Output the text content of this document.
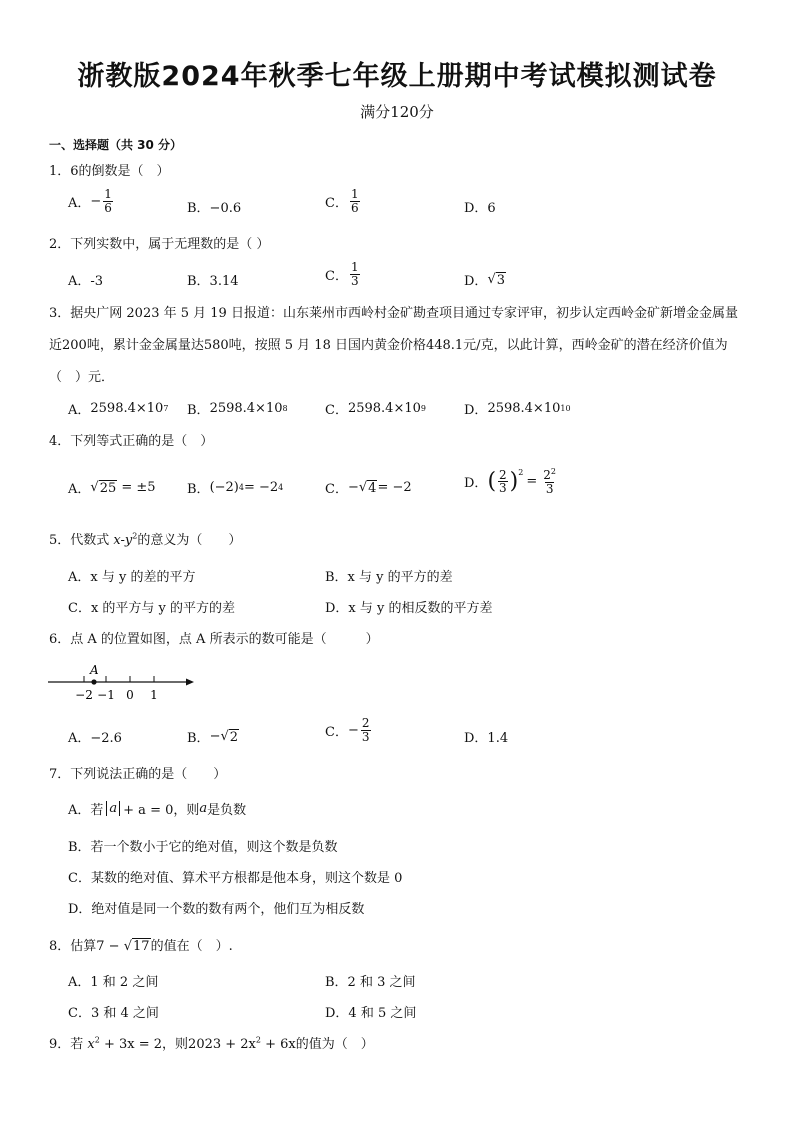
浙教版2024年秋季七年级上册期中考试模拟测试卷
满分120分
一、选择题（共 30 分）
1．6的倒数是（　）
A． − $\frac{1}{6}$	B．−0.6	C． $\frac{1}{6}$	D．6
2．下列实数中，属于无理数的是（ ）
A．-3	B．3.14	C． $\frac{1}{3}$	D． √ 3
3．据央广网 2023 年 5 月 19 日报道：山东莱州市西岭村金矿勘查项目通过专家评审，初步认定西岭金矿新增金金属量近200吨，累计金金属量达580吨，按照 5 月 18 日国内黄金价格448.1元/克，以此计算，西岭金矿的潜在经济价值为（　）元．
A． 2598.4×10 7 B． 2598.4×10 8	C． 2598.4×10 9	D． 2598.4×10 10
4．下列等式正确的是（　）
A． √ 25
= ±5 B． (−2) 4 = −2 4	C． − √ 4 = −2	D． ( $\frac{2}{3} )^2$
= $\frac{2^2}{3}$
5．代数式 $x-y^2$的意义为（　　）
A．x 与 y 的差的平方	B．x 与 y 的平方的差
C．x 的平方与 y 的平方的差	D．x 与 y 的相反数的平方差
6．点 A 的位置如图，点 A 所表示的数可能是（　　　）
A
−2 −1 0 1
A．−2.6	B． − √ 2	C． − $\frac{2}{3}$	D．1.4
7．下列说法正确的是（　　）
A．若 a + a = 0，则 a 是负数
B．若一个数小于它的绝对值，则这个数是负数
C．某数的绝对值、算术平方根都是他本身，则这个数是 0
D．绝对值是同一个数的数有两个，他们互为相反数
8．估算7 − √17的值在（　）.
A．1 和 2 之间	B．2 和 3 之间
C．3 和 4 之间	D．4 和 5 之间
9．若 $x^2 + 3x = 2$，则$2023 + 2x^2 + 6x$的值为（　）
